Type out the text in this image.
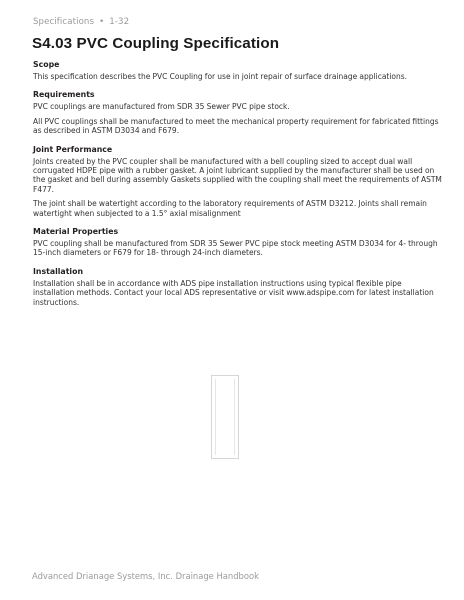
Specifications • 1-32
S4.03 PVC Coupling Specification
Scope

This specification describes the PVC Coupling for use in joint repair of surface drainage applications.

Requirements

PVC couplings are manufactured from SDR 35 Sewer PVC pipe stock.

All PVC couplings shall be manufactured to meet the mechanical property requirement for fabricated fittings as described in ASTM D3034 and F679.

Joint Performance

Joints created by the PVC coupler shall be manufactured with a bell coupling sized to accept dual wall corrugated HDPE pipe with a rubber gasket. A joint lubricant supplied by the manufacturer shall be used on the gasket and bell during assembly Gaskets supplied with the coupling shall meet the requirements of ASTM F477.

The joint shall be watertight according to the laboratory requirements of ASTM D3212. Joints shall remain watertight when subjected to a 1.5° axial misalignment

Material Properties

PVC coupling shall be manufactured from SDR 35 Sewer PVC pipe stock meeting ASTM D3034 for 4- through 15-inch diameters or F679 for 18- through 24-inch diameters.

Installation

Installation shall be in accordance with ADS pipe installation instructions using typical flexible pipe installation methods. Contact your local ADS representative or visit www.adspipe.com for latest installation instructions.

Advanced Drianage Systems, Inc. Drainage Handbook
